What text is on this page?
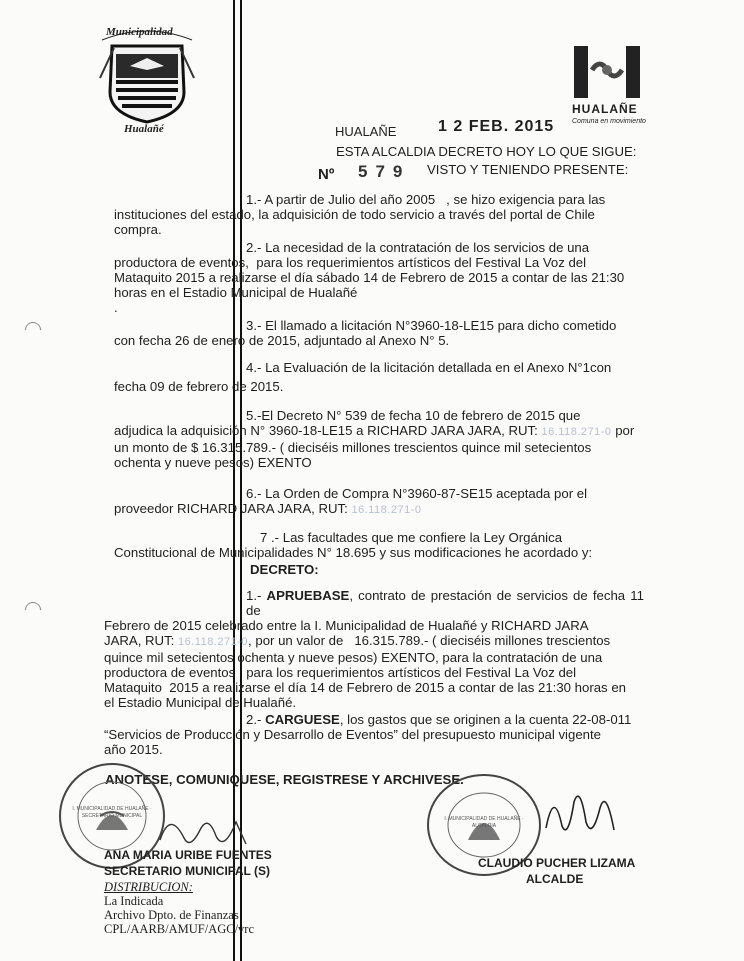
Municipalidad
Hualañé
HUALAÑE
Comuna en movimiento
HUALAÑE	1 2 FEB. 2015
ESTA ALCALDIA DECRETO HOY LO QUE SIGUE:
Nº 579 VISTO Y TENIENDO PRESENTE:
1.- A partir de Julio del año 2005   , se hizo exigencia para las
instituciones del estado, la adquisición de todo servicio a través del portal de Chile
compra.
2.- La necesidad de la contratación de los servicios de una
productora de eventos,  para los requerimientos artísticos del Festival La Voz del
Mataquito 2015 a realizarse el día sábado 14 de Febrero de 2015 a contar de las 21:30
horas en el Estadio Municipal de Hualañé
.
3.- El llamado a licitación N°3960-18-LE15 para dicho cometido
con fecha 26 de enero de 2015, adjuntado al Anexo N° 5.
4.- La Evaluación de la licitación detallada en el Anexo N°1con
fecha 09 de febrero de 2015.
5.-El Decreto N° 539 de fecha 10 de febrero de 2015 que
adjudica la adquisición N° 3960-18-LE15 a RICHARD JARA JARA, RUT: 16.118.271-0 por
un monto de $ 16.315.789.- ( dieciséis millones trescientos quince mil setecientos
ochenta y nueve pesos) EXENTO
6.- La Orden de Compra N°3960-87-SE15 aceptada por el
proveedor RICHARD JARA JARA, RUT: 16.118.271-0
7 .- Las facultades que me confiere la Ley Orgánica
Constitucional de Municipalidades N° 18.695 y sus modificaciones he acordado y:
DECRETO:
1.- APRUEBASE, contrato de prestación de servicios de fecha 11 de
Febrero de 2015 celebrado entre la I. Municipalidad de Hualañé y RICHARD JARA
JARA, RUT: 16.118.271-0, por un valor de   16.315.789.- ( dieciséis millones trescientos
quince mil setecientos ochenta y nueve pesos) EXENTO, para la contratación de una
productora de eventos   para los requerimientos artísticos del Festival La Voz del
Mataquito  2015 a realizarse el día 14 de Febrero de 2015 a contar de las 21:30 horas en
el Estadio Municipal de Hualañé.
2.- CARGUESE, los gastos que se originen a la cuenta 22-08-011
“Servicios de Producción y Desarrollo de Eventos” del presupuesto municipal vigente
año 2015.
ANOTESE, COMUNIQUESE, REGISTRESE Y ARCHIVESE.
I. MUNICIPALIDAD DE HUALAÑE · SECRETARIO MUNICIPAL
ANA MARIA URIBE FUENTES
SECRETARIO MUNICIPAL (S)
I. MUNICIPALIDAD DE HUALAÑE · ALCALDIA
CLAUDIO PUCHER LIZAMA
ALCALDE
DISTRIBUCION:
La Indicada
Archivo Dpto. de Finanzas
CPL/AARB/AMUF/AGC/vrc
